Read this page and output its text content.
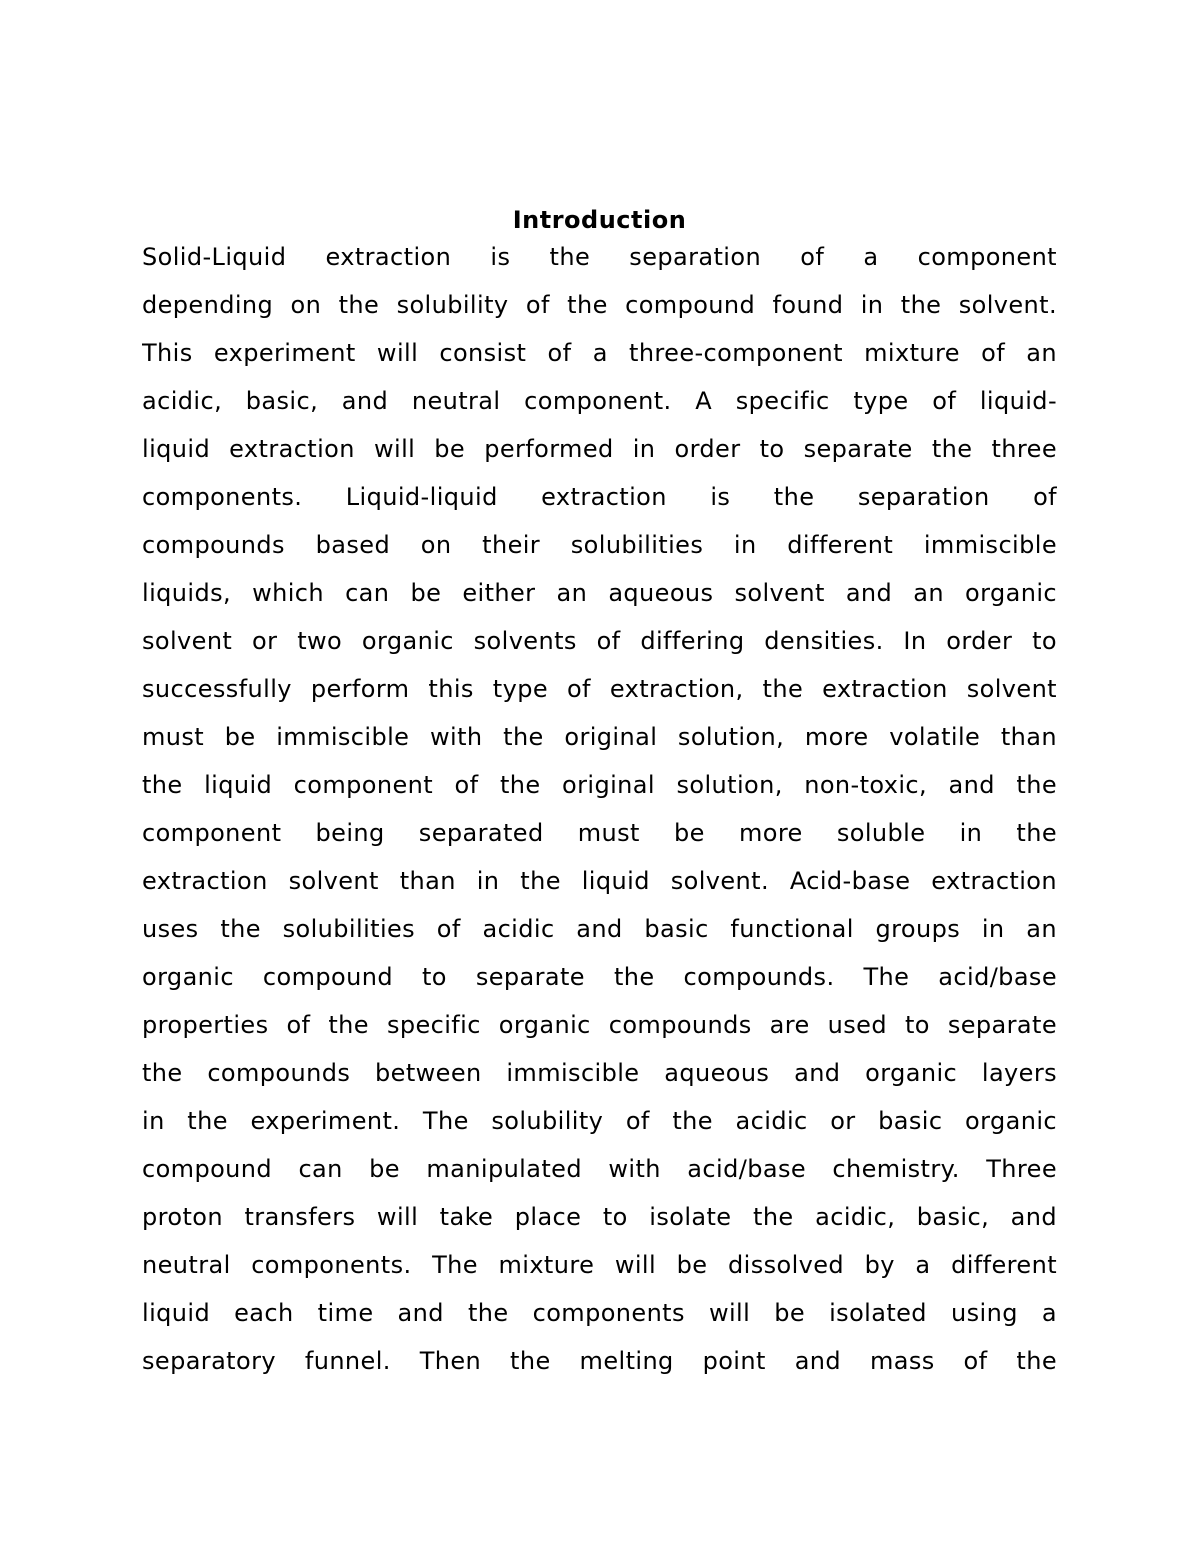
Introduction
Solid-Liquid extraction is the separation of a component
depending on the solubility of the compound found in the solvent.
This experiment will consist of a three-component mixture of an
acidic, basic, and neutral component. A specific type of liquid-
liquid extraction will be performed in order to separate the three
components. Liquid-liquid extraction is the separation of
compounds based on their solubilities in different immiscible
liquids, which can be either an aqueous solvent and an organic
solvent or two organic solvents of differing densities. In order to
successfully perform this type of extraction, the extraction solvent
must be immiscible with the original solution, more volatile than
the liquid component of the original solution, non-toxic, and the
component being separated must be more soluble in the
extraction solvent than in the liquid solvent. Acid-base extraction
uses the solubilities of acidic and basic functional groups in an
organic compound to separate the compounds. The acid/base
properties of the specific organic compounds are used to separate
the compounds between immiscible aqueous and organic layers
in the experiment. The solubility of the acidic or basic organic
compound can be manipulated with acid/base chemistry. Three
proton transfers will take place to isolate the acidic, basic, and
neutral components. The mixture will be dissolved by a different
liquid each time and the components will be isolated using a
separatory funnel. Then the melting point and mass of the
